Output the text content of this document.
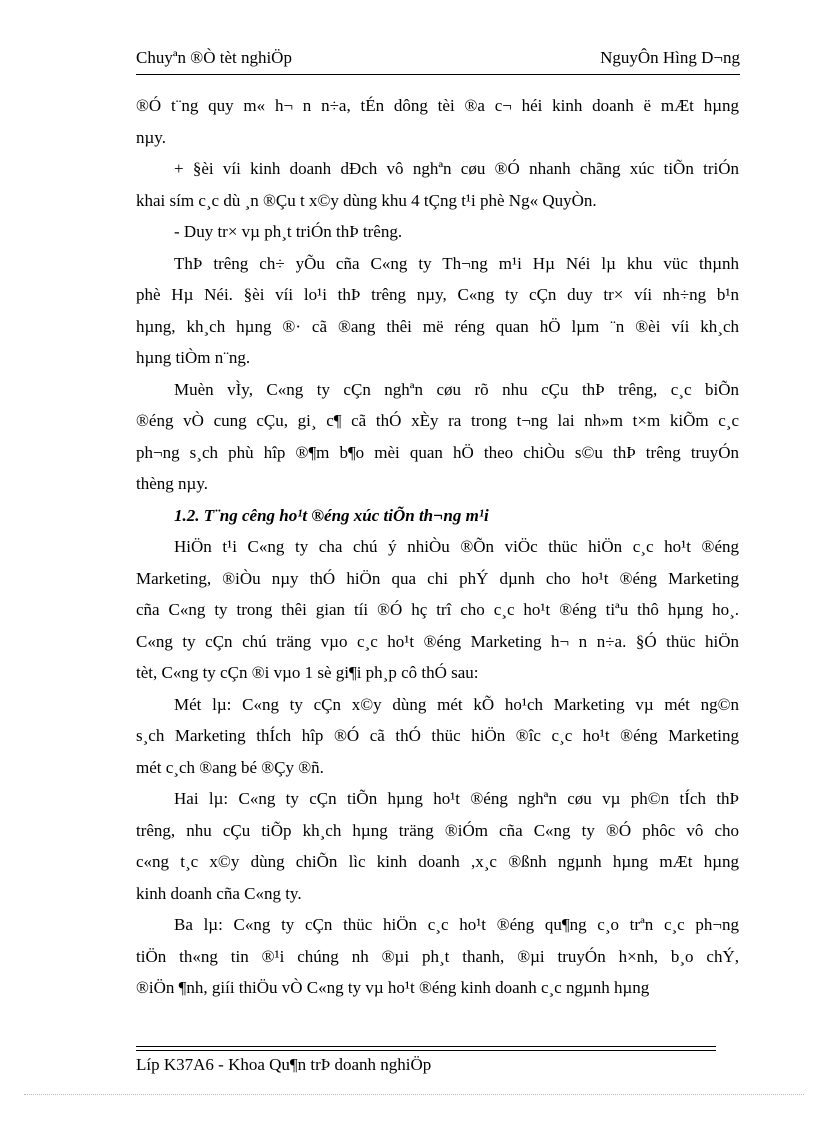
Chuyªn ®Ò tèt nghiÖp	NguyÔn Hìng D¬ng

®Ó t¨ng quy m« h¬ n n÷a, tÉn dông tèi ®a c¬ héi kinh doanh ë mÆt hµng
nµy.

+ §èi víi kinh doanh dÐch vô nghªn cøu ®Ó nhanh chãng xúc tiÕn triÓn
khai sím c¸c dù ¸n ®Çu t x©y dùng khu 4 tÇng t¹i phè Ng« QuyÒn.

- Duy tr× vµ ph¸t triÓn thÞ trêng.

ThÞ trêng ch÷ yÕu cña C«ng ty Th¬ng m¹i Hµ Néi lµ khu vüc thµnh
phè Hµ Néi. §èi víi lo¹i thÞ trêng nµy, C«ng ty cÇn duy tr× víi nh÷ng b¹n
hµng, kh¸ch hµng ®· cã ®ang thêi më réng quan hÖ lµm ¨n ®èi víi kh¸ch
hµng tiÒm n¨ng.

Muèn vÌy, C«ng ty cÇn nghªn cøu rõ nhu cÇu thÞ trêng, c¸c biÕn
®éng vÒ cung cÇu, gi¸ c¶ cã thÓ xÈy ra trong t¬ng lai nh»m t×m kiÕm c¸c
ph¬ng s¸ch phù hîp ®¶m b¶o mèi quan hÖ theo chiÒu s©u thÞ trêng truyÓn
thèng nµy.

1.2. T¨ng cêng ho¹t ®éng xúc tiÕn th¬ng m¹i

HiÖn t¹i C«ng ty cha chú ý nhiÒu ®Õn viÖc thüc hiÖn c¸c ho¹t ®éng
Marketing, ®iÒu nµy thÓ hiÖn qua chi phÝ dµnh cho ho¹t ®éng Marketing
cña C«ng ty trong thêi gian tíi ®Ó hç trî cho c¸c ho¹t ®éng tiªu thô hµng ho¸.
C«ng ty cÇn chú träng vµo c¸c ho¹t ®éng Marketing h¬ n n÷a. §Ó thüc hiÖn
tèt, C«ng ty cÇn ®i vµo 1 sè gi¶i ph¸p cô thÓ sau:

Mét lµ: C«ng ty cÇn x©y dùng mét kÕ ho¹ch Marketing vµ mét ng©n
s¸ch Marketing thÍch hîp ®Ó cã thÓ thüc hiÖn ®îc c¸c ho¹t ®éng Marketing
mét c¸ch ®ang bé ®Çy ®ñ.

Hai lµ: C«ng ty cÇn tiÕn hµng ho¹t ®éng nghªn cøu vµ ph©n tÍch thÞ
trêng, nhu cÇu tiÕp kh¸ch hµng träng ®iÓm cña C«ng ty ®Ó phôc vô cho
c«ng t¸c x©y dùng chiÕn lìc kinh doanh ,x¸c ®ßnh ngµnh hµng mÆt hµng
kinh doanh cña C«ng ty.

Ba lµ: C«ng ty cÇn thüc hiÖn c¸c ho¹t ®éng qu¶ng c¸o trªn c¸c ph¬ng
tiÖn th«ng tin ®¹i chúng nh ®µi ph¸t thanh, ®µi truyÓn h×nh, b¸o chÝ,
®iÖn ¶nh, giíi thiÖu vÒ C«ng ty vµ ho¹t ®éng kinh doanh c¸c ngµnh hµng

Líp K37A6 - Khoa Qu¶n trÞ doanh nghiÖp
